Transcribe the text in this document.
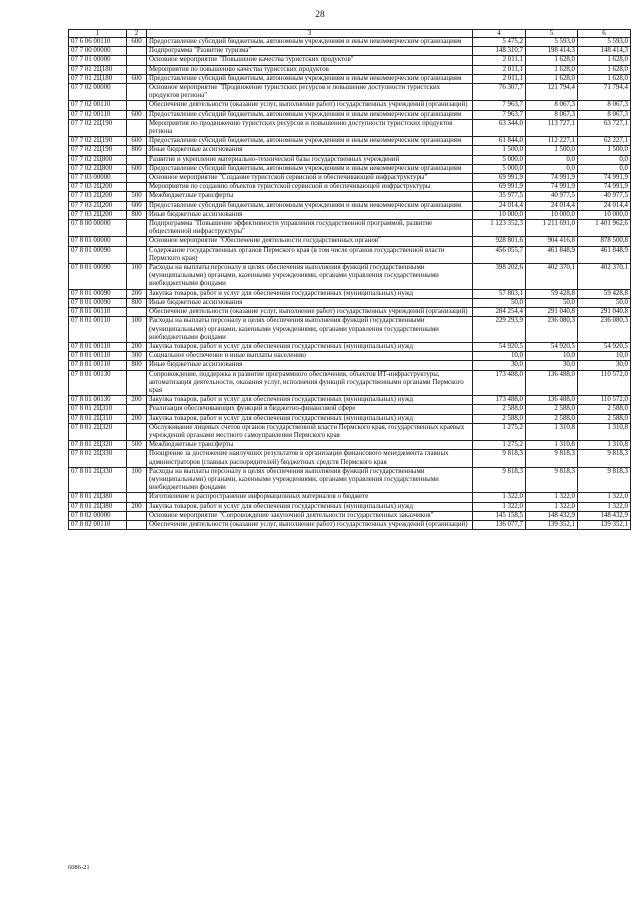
28
1	2	3	4	5	6
07 6 06 00110	600	Предоставление субсидий бюджетным, автономным учреждениям и иным некоммерческим организациям	5 475,2	5 593,0	5 593,0
07 7 00 00000		Подпрограмма "Развитие туризма"	148 310,7	198 414,3	148 414,3
07 7 01 00000		Основное мероприятие "Повышение качества туристских продуктов"	2 011,1	1 628,0	1 628,0
07 7 01 2Ц180		Мероприятия по повышению качества туристских продуктов	2 011,1	1 628,0	1 628,0
07 7 01 2Ц180	600	Предоставление субсидий бюджетным, автономным учреждениям и иным некоммерческим организациям	2 011,1	1 628,0	1 628,0
07 7 02 00000		Основное мероприятие "Продвижение туристских ресурсов и повышение доступности туристских продуктов региона"	76 307,7	121 794,4	71 794,4
07 7 02 00110		Обеспечение деятельности (оказание услуг, выполнение работ) государственных учреждений (организаций)	7 963,7	8 067,3	8 067,3
07 7 02 00110	600	Предоставление субсидий бюджетным, автономным учреждениям и иным некоммерческим организациям	7 963,7	8 067,3	8 067,3
07 7 02 2Ц190		Мероприятия по продвижению туристских ресурсов и повышению доступности туристских продуктов региона	63 344,0	113 727,1	63 727,1
07 7 02 2Ц190	600	Предоставление субсидий бюджетным, автономным учреждениям и иным некоммерческим организациям	61 844,0	112 227,1	62 227,1
07 7 02 2Ц190	800	Иные бюджетные ассигнования	1 500,0	1 500,0	1 500,0
07 7 02 2Ц800		Развитие и укрепление материально-технической базы государственных учреждений	5 000,0	0,0	0,0
07 7 02 2Ц800	600	Предоставление субсидий бюджетным, автономным учреждениям и иным некоммерческим организациям	5 000,0	0,0	0,0
07 7 03 00000		Основное мероприятие "Создание туристской сервисной и обеспечивающей инфраструктуры"	69 991,9	74 991,9	74 991,9
07 7 03 2Ц200		Мероприятия по созданию объектов туристской сервисной и обеспечивающей инфраструктуры	69 991,9	74 991,9	74 991,9
07 7 03 2Ц200	500	Межбюджетные трансферты	35 977,5	40 977,5	40 977,5
07 7 03 2Ц200	600	Предоставление субсидий бюджетным, автономным учреждениям и иным некоммерческим организациям	24 014,4	24 014,4	24 014,4
07 7 03 2Ц200	800	Иные бюджетные ассигнования	10 000,0	10 000,0	10 000,0
07 8 00 00000		Подпрограмма "Повышение эффективности управления государственной программой, развитие общественной инфраструктуры"	1 123 352,3	1 211 691,0	1 401 962,6
07 8 01 00000		Основное мероприятие "Обеспечение деятельности государственных органов"	928 801,6	904 416,8	878 500,8
07 8 01 00090		Содержание государственных органов Пермского края (в том числе органов государственной власти Пермского края)	456 055,7	461 848,9	461 848,9
07 8 01 00090	100	Расходы на выплаты персоналу в целях обеспечения выполнения функций государственными (муниципальными) органами, казенными учреждениями, органами управления государственными внебюджетными фондами	398 202,6	402 370,1	402 370,1
07 8 01 00090	200	Закупка товаров, работ и услуг для обеспечения государственных (муниципальных) нужд	57 803,1	59 428,8	59 428,8
07 8 01 00090	800	Иные бюджетные ассигнования	50,0	50,0	50,0
07 8 01 00110		Обеспечение деятельности (оказание услуг, выполнение работ) государственных учреждений (организаций)	284 254,4	291 040,8	291 040,8
07 8 01 00110	100	Расходы на выплаты персоналу в целях обеспечения выполнения функций государственными (муниципальными) органами, казенными учреждениями, органами управления государственными внебюджетными фондами	229 293,9	236 080,3	236 080,3
07 8 01 00110	200	Закупка товаров, работ и услуг для обеспечения государственных (муниципальных) нужд	54 920,5	54 920,5	54 920,5
07 8 01 00110	300	Социальное обеспечение и иные выплаты населению	10,0	10,0	10,0
07 8 01 00110	800	Иные бюджетные ассигнования	30,0	30,0	30,0
07 8 01 00130		Сопровождение, поддержка и развитие программного обеспечения, объектов ИТ-инфраструктуры, автоматизация деятельности, оказания услуг, исполнения функций государственными органами Пермского края	173 488,0	136 488,0	110 572,0
07 8 01 00130	200	Закупка товаров, работ и услуг для обеспечения государственных (муниципальных) нужд	173 488,0	136 488,0	110 572,0
07 8 01 2Ц310		Реализация обеспечивающих функций в бюджетно-финансовой сфере	2 588,0	2 588,0	2 588,0
07 8 01 2Ц310	200	Закупка товаров, работ и услуг для обеспечения государственных (муниципальных) нужд	2 588,0	2 588,0	2 588,0
07 8 01 2Ц320		Обслуживание лицевых счетов органов государственной власти Пермского края, государственных краевых учреждений органами местного самоуправления Пермского края	1 275,2	1 310,8	1 310,8
07 8 01 2Ц320	500	Межбюджетные трансферты	1 275,2	1 310,8	1 310,8
07 8 01 2Ц330		Поощрение за достижение наилучших результатов в организации финансового менеджмента главных администраторов (главных распорядителей) бюджетных средств Пермского края	9 818,3	9 818,3	9 818,3
07 8 01 2Ц330	100	Расходы на выплаты персоналу в целях обеспечения выполнения функций государственными (муниципальными) органами, казенными учреждениями, органами управления государственными внебюджетными фондами	9 818,3	9 818,3	9 818,3
07 8 01 2Ц380		Изготовление и распространение информационных материалов о бюджете	1 322,0	1 322,0	1 322,0
07 8 01 2Ц380	200	Закупка товаров, работ и услуг для обеспечения государственных (муниципальных) нужд	1 322,0	1 322,0	1 322,0
07 8 02 00000		Основное мероприятие "Сопровождение закупочной деятельности государственных заказчиков"	145 158,5	148 432,9	148 432,9
07 8 02 00110		Обеспечение деятельности (оказание услуг, выполнение работ) государственных учреждений (организаций)	136 077,7	139 352,1	139 352,1
6086-21
